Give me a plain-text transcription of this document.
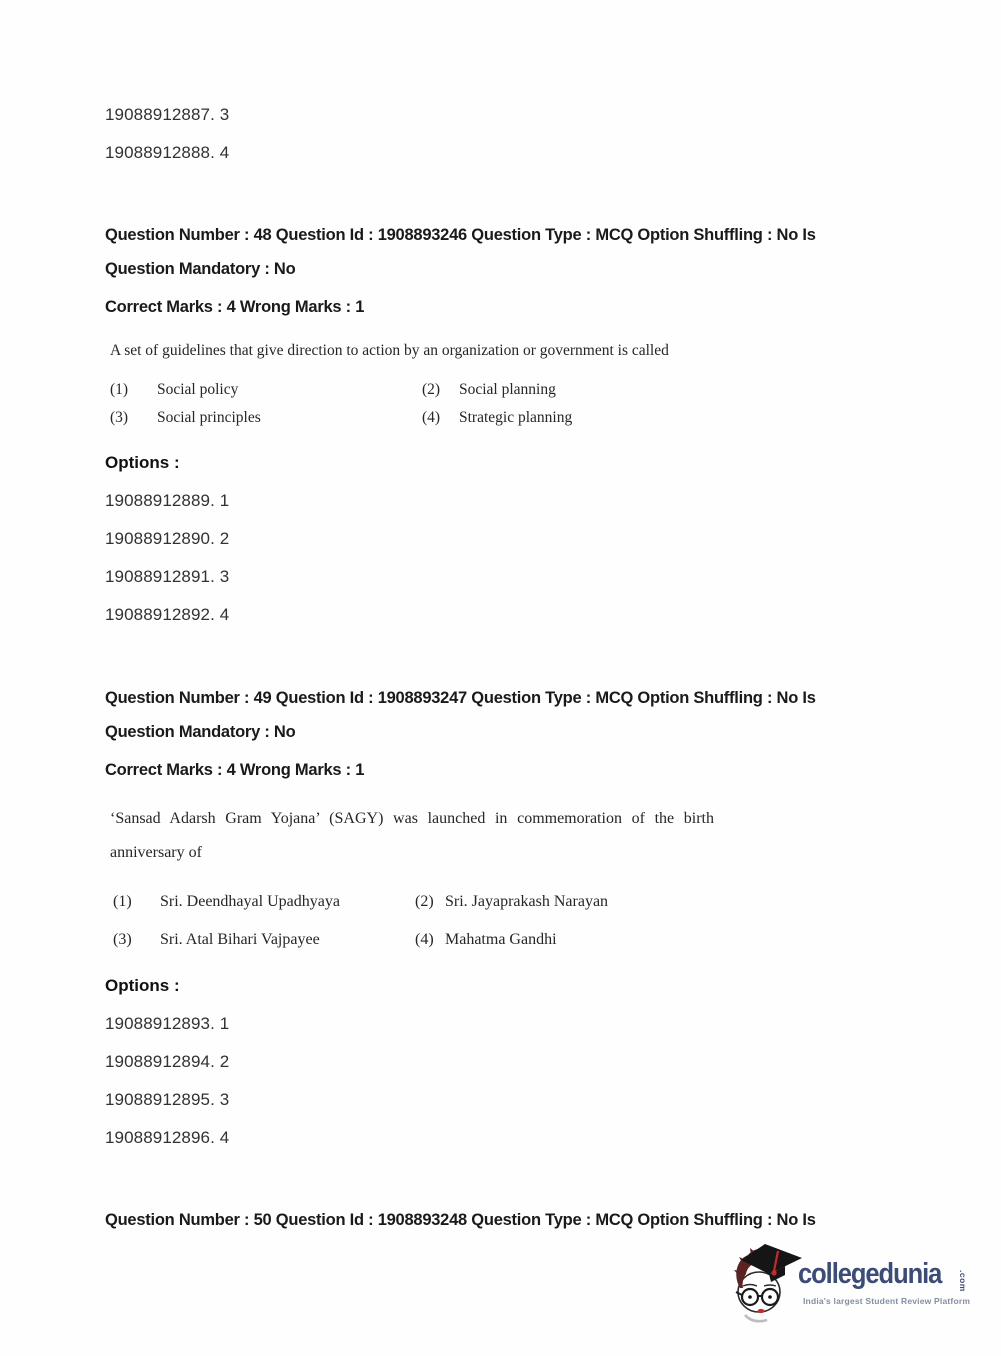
19088912887. 3
19088912888. 4
Question Number : 48 Question Id : 1908893246 Question Type : MCQ Option Shuffling : No Is
Question Mandatory : No
Correct Marks : 4 Wrong Marks : 1
A set of guidelines that give direction to action by an organization or government is called
(1) Social policy	(2) Social planning
(3) Social principles	(4) Strategic planning
Options :
19088912889. 1
19088912890. 2
19088912891. 3
19088912892. 4
Question Number : 49 Question Id : 1908893247 Question Type : MCQ Option Shuffling : No Is
Question Mandatory : No
Correct Marks : 4 Wrong Marks : 1
‘Sansad Adarsh Gram Yojana’ (SAGY) was launched in commemoration of the birth
anniversary of
(1) Sri. Deendhayal Upadhyaya	(2) Sri. Jayaprakash Narayan
(3) Sri. Atal Bihari Vajpayee	(4) Mahatma Gandhi
Options :
19088912893. 1
19088912894. 2
19088912895. 3
19088912896. 4
Question Number : 50 Question Id : 1908893248 Question Type : MCQ Option Shuffling : No Is
collegedunia .com
India's largest Student Review Platform
